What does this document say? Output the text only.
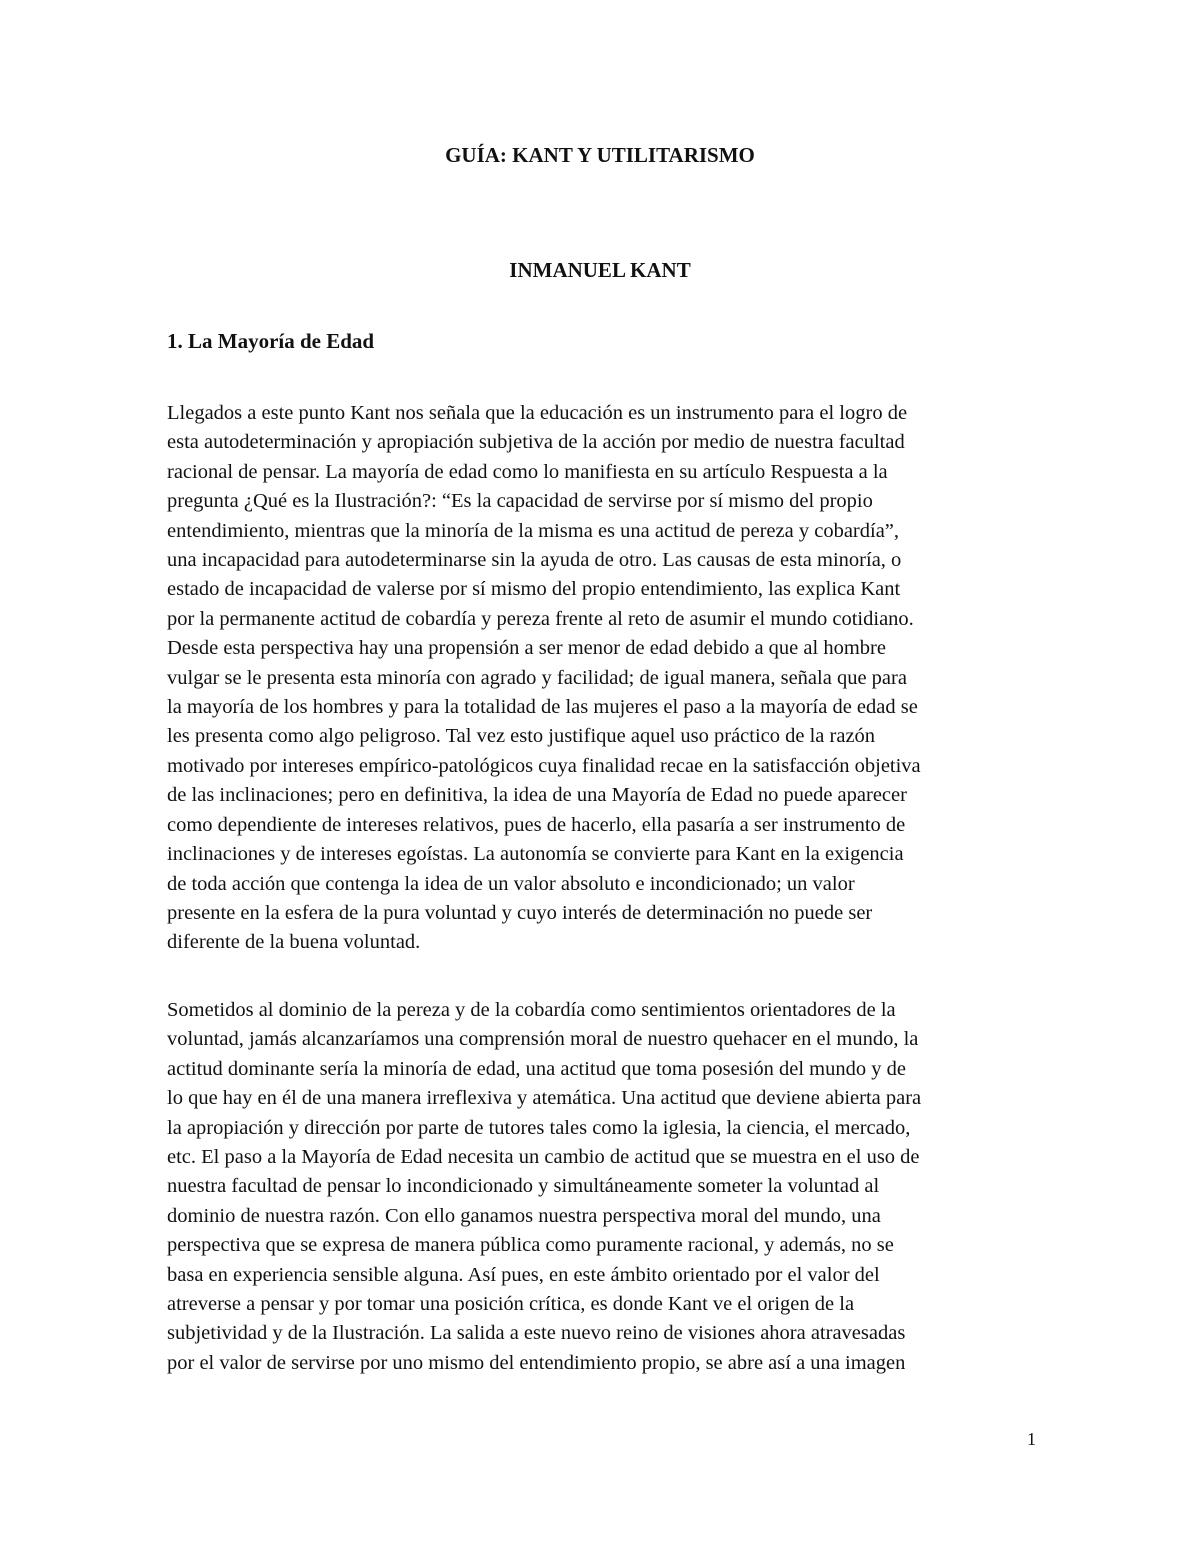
GUÍA: KANT Y UTILITARISMO
INMANUEL KANT
1. La Mayoría de Edad

Llegados a este punto Kant nos señala que la educación es un instrumento para el logro de
esta autodeterminación y apropiación subjetiva de la acción por medio de nuestra facultad
racional de pensar. La mayoría de edad como lo manifiesta en su artículo Respuesta a la
pregunta ¿Qué es la Ilustración?: “Es la capacidad de servirse por sí mismo del propio
entendimiento, mientras que la minoría de la misma es una actitud de pereza y cobardía”,
una incapacidad para autodeterminarse sin la ayuda de otro. Las causas de esta minoría, o
estado de incapacidad de valerse por sí mismo del propio entendimiento, las explica Kant
por la permanente actitud de cobardía y pereza frente al reto de asumir el mundo cotidiano.
Desde esta perspectiva hay una propensión a ser menor de edad debido a que al hombre
vulgar se le presenta esta minoría con agrado y facilidad; de igual manera, señala que para
la mayoría de los hombres y para la totalidad de las mujeres el paso a la mayoría de edad se
les presenta como algo peligroso. Tal vez esto justifique aquel uso práctico de la razón
motivado por intereses empírico-patológicos cuya finalidad recae en la satisfacción objetiva
de las inclinaciones; pero en definitiva, la idea de una Mayoría de Edad no puede aparecer
como dependiente de intereses relativos, pues de hacerlo, ella pasaría a ser instrumento de
inclinaciones y de intereses egoístas. La autonomía se convierte para Kant en la exigencia
de toda acción que contenga la idea de un valor absoluto e incondicionado; un valor
presente en la esfera de la pura voluntad y cuyo interés de determinación no puede ser
diferente de la buena voluntad.

Sometidos al dominio de la pereza y de la cobardía como sentimientos orientadores de la
voluntad, jamás alcanzaríamos una comprensión moral de nuestro quehacer en el mundo, la
actitud dominante sería la minoría de edad, una actitud que toma posesión del mundo y de
lo que hay en él de una manera irreflexiva y atemática. Una actitud que deviene abierta para
la apropiación y dirección por parte de tutores tales como la iglesia, la ciencia, el mercado,
etc. El paso a la Mayoría de Edad necesita un cambio de actitud que se muestra en el uso de
nuestra facultad de pensar lo incondicionado y simultáneamente someter la voluntad al
dominio de nuestra razón. Con ello ganamos nuestra perspectiva moral del mundo, una
perspectiva que se expresa de manera pública como puramente racional, y además, no se
basa en experiencia sensible alguna. Así pues, en este ámbito orientado por el valor del
atreverse a pensar y por tomar una posición crítica, es donde Kant ve el origen de la
subjetividad y de la Ilustración. La salida a este nuevo reino de visiones ahora atravesadas
por el valor de servirse por uno mismo del entendimiento propio, se abre así a una imagen

1
